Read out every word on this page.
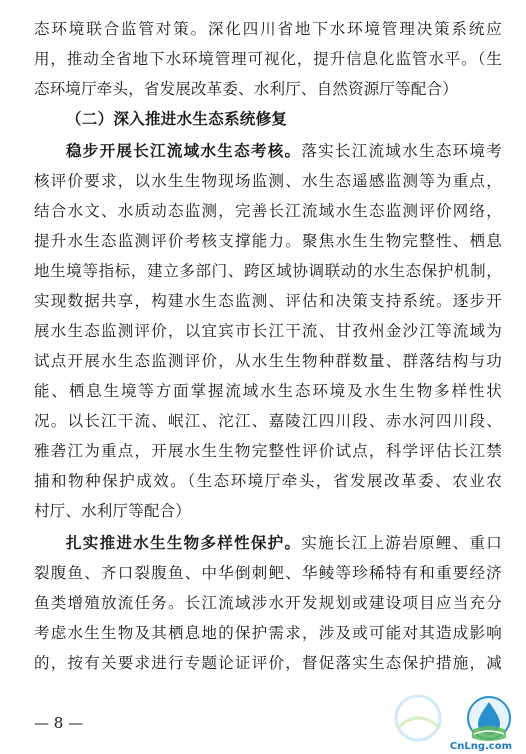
态环境联合监管对策。深化四川省地下水环境管理决策系统应
用，推动全省地下水环境管理可视化，提升信息化监管水平。（生
态环境厅牵头，省发展改革委、水利厅、自然资源厅等配合）
（二）深入推进水生态系统修复
稳步开展长江流域水生态考核。落实长江流域水生态环境考
核评价要求，以水生生物现场监测、水生态遥感监测等为重点，
结合水文、水质动态监测，完善长江流域水生态监测评价网络，
提升水生态监测评价考核支撑能力。聚焦水生生物完整性、栖息
地生境等指标，建立多部门、跨区域协调联动的水生态保护机制，
实现数据共享，构建水生态监测、评估和决策支持系统。逐步开
展水生态监测评价，以宜宾市长江干流、甘孜州金沙江等流域为
试点开展水生态监测评价，从水生生物种群数量、群落结构与功
能、栖息生境等方面掌握流域水生态环境及水生生物多样性状
况。以长江干流、岷江、沱江、嘉陵江四川段、赤水河四川段、
雅砻江为重点，开展水生生物完整性评价试点，科学评估长江禁
捕和物种保护成效。（生态环境厅牵头，省发展改革委、农业农
村厅、水利厅等配合）
扎实推进水生生物多样性保护。实施长江上游岩原鲤、重口
裂腹鱼、齐口裂腹鱼、中华倒刺鲃、华鲮等珍稀特有和重要经济
鱼类增殖放流任务。长江流域涉水开发规划或建设项目应当充分
考虑水生生物及其栖息地的保护需求，涉及或可能对其造成影响
的，按有关要求进行专题论证评价，督促落实生态保护措施，减
— 8 —
CnLng.com
